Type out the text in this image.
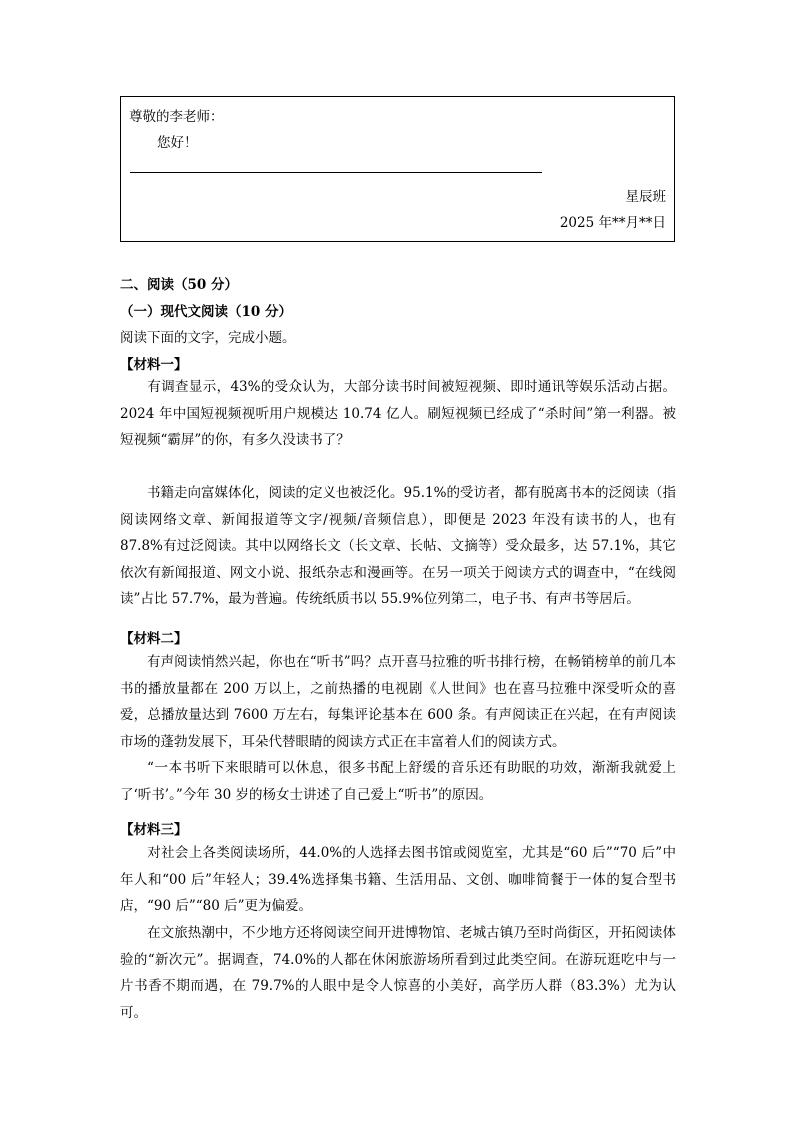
尊敬的李老师：
您好！
星辰班
2025 年**月**日
二、阅读（50 分）
（一）现代文阅读（10 分）
阅读下面的文字，完成小题。
【材料一】
有调查显示，43%的受众认为，大部分读书时间被短视频、即时通讯等娱乐活动占据。2024 年中国短视频视听用户规模达 10.74 亿人。刷短视频已经成了“杀时间”第一利器。被短视频“霸屏”的你，有多久没读书了？
书籍走向富媒体化，阅读的定义也被泛化。95.1%的受访者，都有脱离书本的泛阅读（指阅读网络文章、新闻报道等文字/视频/音频信息），即便是 2023 年没有读书的人，也有 87.8%有过泛阅读。其中以网络长文（长文章、长帖、文摘等）受众最多，达 57.1%，其它依次有新闻报道、网文小说、报纸杂志和漫画等。在另一项关于阅读方式的调查中，“在线阅读”占比 57.7%，最为普遍。传统纸质书以 55.9%位列第二，电子书、有声书等居后。
【材料二】
有声阅读悄然兴起，你也在“听书”吗？点开喜马拉雅的听书排行榜，在畅销榜单的前几本书的播放量都在 200 万以上，之前热播的电视剧《人世间》也在喜马拉雅中深受听众的喜爱，总播放量达到 7600 万左右，每集评论基本在 600 条。有声阅读正在兴起，在有声阅读市场的蓬勃发展下，耳朵代替眼睛的阅读方式正在丰富着人们的阅读方式。
“一本书听下来眼睛可以休息，很多书配上舒缓的音乐还有助眠的功效，渐渐我就爱上了‘听书’。”今年 30 岁的杨女士讲述了自己爱上“听书”的原因。
【材料三】
对社会上各类阅读场所，44.0%的人选择去图书馆或阅览室，尤其是“60 后”“70 后”中年人和“00 后”年轻人；39.4%选择集书籍、生活用品、文创、咖啡简餐于一体的复合型书店，“90 后”“80 后”更为偏爱。
在文旅热潮中，不少地方还将阅读空间开进博物馆、老城古镇乃至时尚街区，开拓阅读体验的“新次元”。据调查，74.0%的人都在休闲旅游场所看到过此类空间。在游玩逛吃中与一片书香不期而遇，在 79.7%的人眼中是令人惊喜的小美好，高学历人群（83.3%）尤为认可。
